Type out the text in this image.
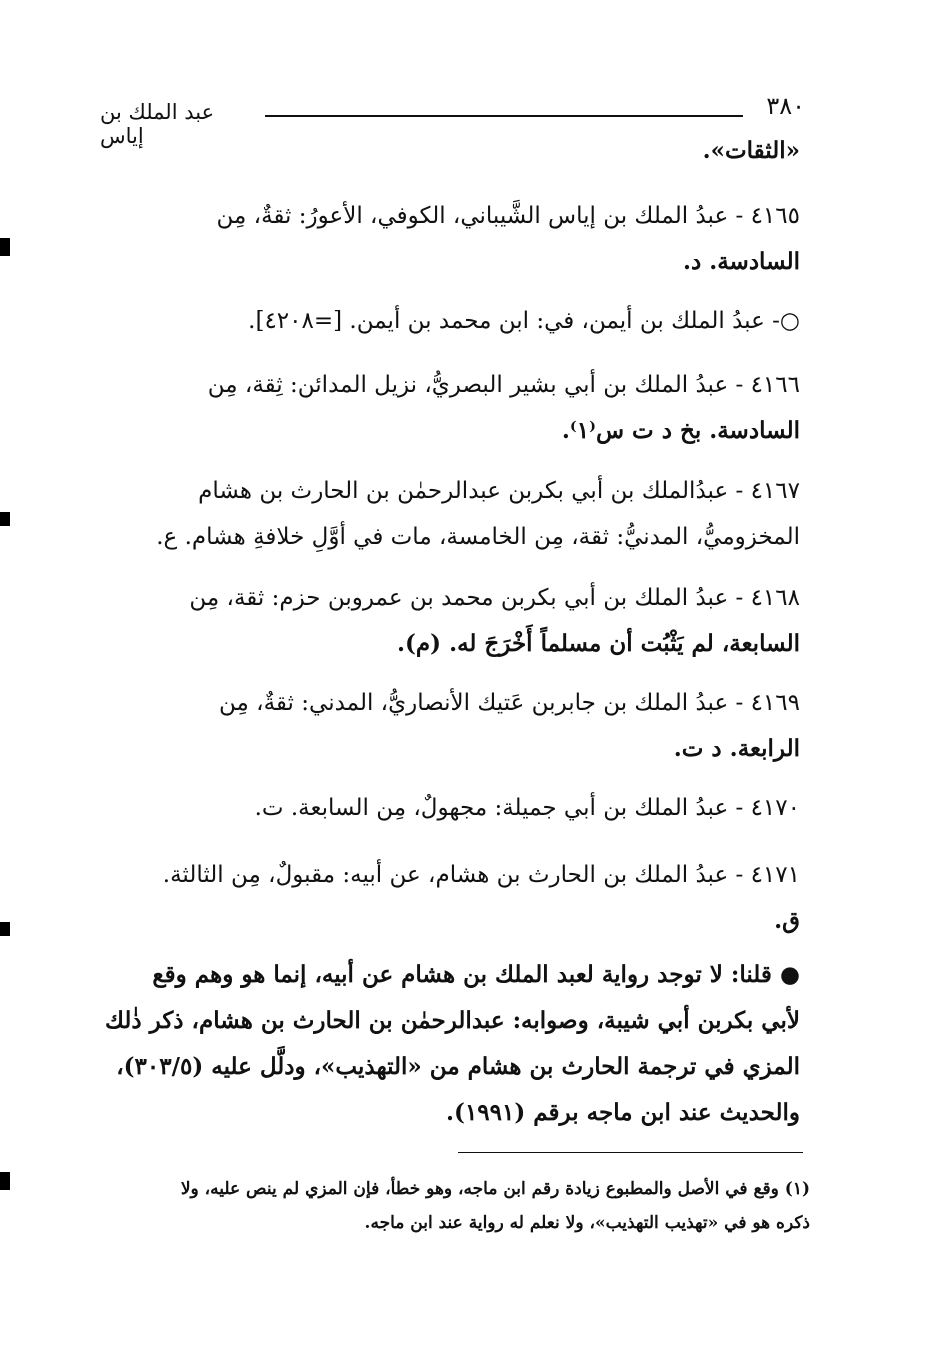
٣٨٠
عبد الملك بن إياس
«الثقات».
٤١٦٥ - عبدُ الملك بن إياس الشَّيباني، الكوفي، الأعورُ: ثقةٌ، مِن
السادسة. د.
○- عبدُ الملك بن أيمن، في: ابن محمد بن أيمن. [=٤٢٠٨].
٤١٦٦ - عبدُ الملك بن أبي بشير البصريُّ، نزيل المدائن: ثِقة، مِن
السادسة. بخ د ت س⁽١⁾.
٤١٦٧ - عبدُالملك بن أبي بكربن عبدالرحمٰن بن الحارث بن هشام
المخزوميُّ، المدنيُّ: ثقة، مِن الخامسة، مات في أوَّلِ خلافةِ هشام. ع.
٤١٦٨ - عبدُ الملك بن أبي بكربن محمد بن عمروبن حزم: ثقة، مِن
السابعة، لم يَثْبُت أن مسلماً أَخْرَجَ له. (م).
٤١٦٩ - عبدُ الملك بن جابربن عَتيك الأنصاريُّ، المدني: ثقةٌ، مِن
الرابعة. د ت.
٤١٧٠ - عبدُ الملك بن أبي جميلة: مجهولٌ، مِن السابعة. ت.
٤١٧١ - عبدُ الملك بن الحارث بن هشام، عن أبيه: مقبولٌ، مِن الثالثة.
ق.
● قلنا: لا توجد رواية لعبد الملك بن هشام عن أبيه، إنما هو وهم وقع
لأبي بكربن أبي شيبة، وصوابه: عبدالرحمٰن بن الحارث بن هشام، ذكر ذٰلك
المزي في ترجمة الحارث بن هشام من «التهذيب»، ودلَّل عليه (٣٠٣/٥)،
والحديث عند ابن ماجه برقم (١٩٩١).
(١) وقع في الأصل والمطبوع زيادة رقم ابن ماجه، وهو خطأ، فإن المزي لم ينص عليه، ولا
ذكره هو في «تهذيب التهذيب»، ولا نعلم له رواية عند ابن ماجه.
